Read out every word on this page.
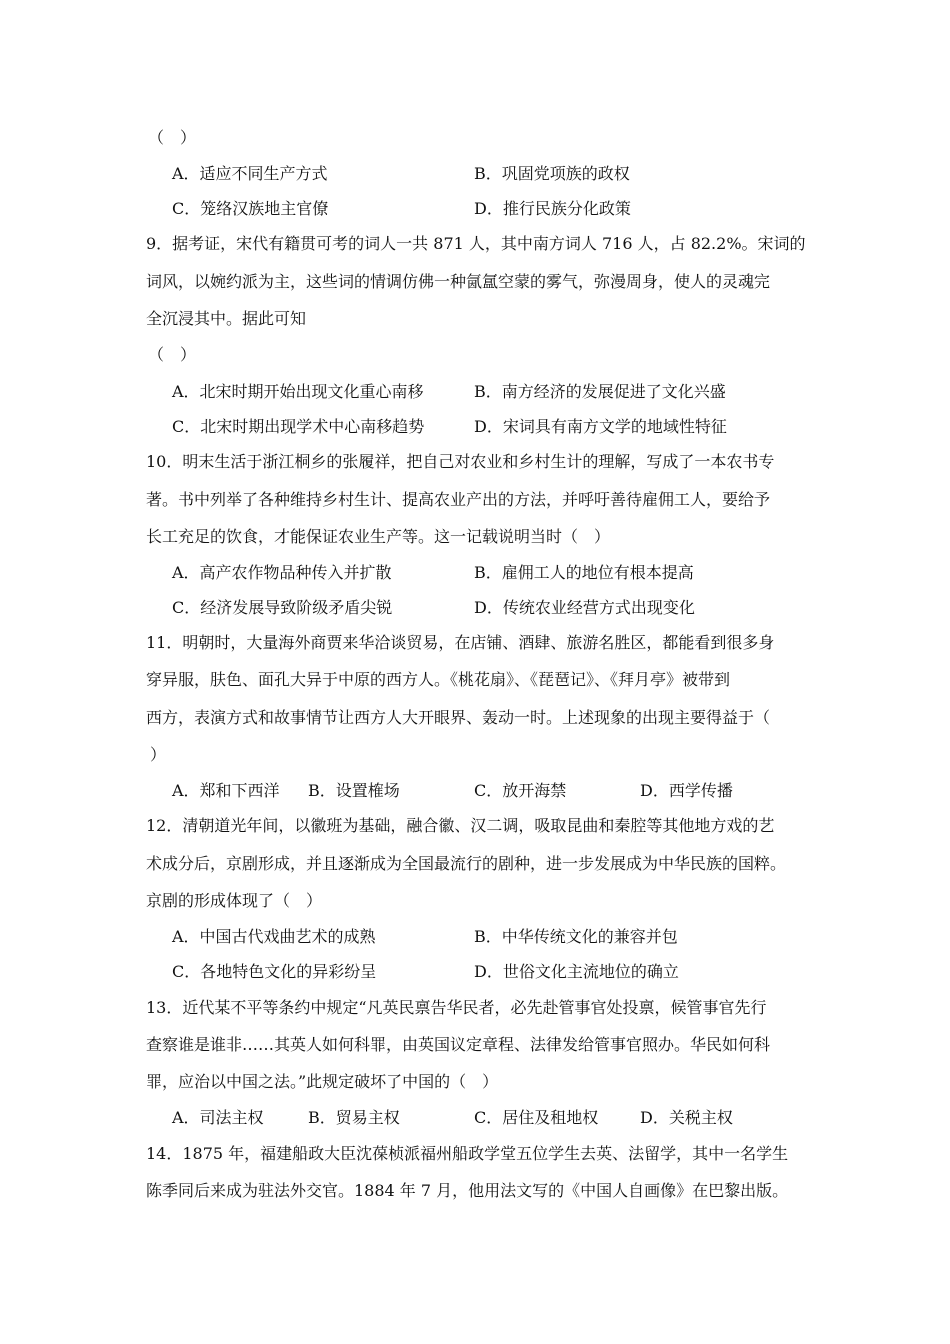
（　）
A．适应不同生产方式	B．巩固党项族的政权
C．笼络汉族地主官僚	D．推行民族分化政策
9．据考证，宋代有籍贯可考的词人一共 871 人，其中南方词人 716 人，占 82.2%。宋词的
词风，以婉约派为主，这些词的情调仿佛一种氤氲空蒙的雾气，弥漫周身，使人的灵魂完
全沉浸其中。据此可知
（　）
A．北宋时期开始出现文化重心南移	B．南方经济的发展促进了文化兴盛
C．北宋时期出现学术中心南移趋势	D．宋词具有南方文学的地域性特征
10．明末生活于浙江桐乡的张履祥，把自己对农业和乡村生计的理解，写成了一本农书专
著。书中列举了各种维持乡村生计、提高农业产出的方法，并呼吁善待雇佣工人，要给予
长工充足的饮食，才能保证农业生产等。这一记载说明当时（　）
A．高产农作物品种传入并扩散	B．雇佣工人的地位有根本提高
C．经济发展导致阶级矛盾尖锐	D．传统农业经营方式出现变化
11．明朝时，大量海外商贾来华洽谈贸易，在店铺、酒肆、旅游名胜区，都能看到很多身
穿异服，肤色、面孔大异于中原的西方人。《桃花扇》、《琵琶记》、《拜月亭》被带到
西方，表演方式和故事情节让西方人大开眼界、轰动一时。上述现象的出现主要得益于（
）
A．郑和下西洋 B．设置榷场	C．放开海禁	D．西学传播
12．清朝道光年间，以徽班为基础，融合徽、汉二调，吸取昆曲和秦腔等其他地方戏的艺
术成分后，京剧形成，并且逐渐成为全国最流行的剧种，进一步发展成为中华民族的国粹。
京剧的形成体现了（　）
A．中国古代戏曲艺术的成熟	B．中华传统文化的兼容并包
C．各地特色文化的异彩纷呈	D．世俗文化主流地位的确立
13．近代某不平等条约中规定“凡英民禀告华民者，必先赴管事官处投禀，候管事官先行
查察谁是谁非……其英人如何科罪，由英国议定章程、法律发给管事官照办。华民如何科
罪，应治以中国之法。”此规定破坏了中国的（　）
A．司法主权	B．贸易主权	C．居住及租地权	D．关税主权
14．1875 年，福建船政大臣沈葆桢派福州船政学堂五位学生去英、法留学，其中一名学生
陈季同后来成为驻法外交官。1884 年 7 月，他用法文写的《中国人自画像》在巴黎出版。
